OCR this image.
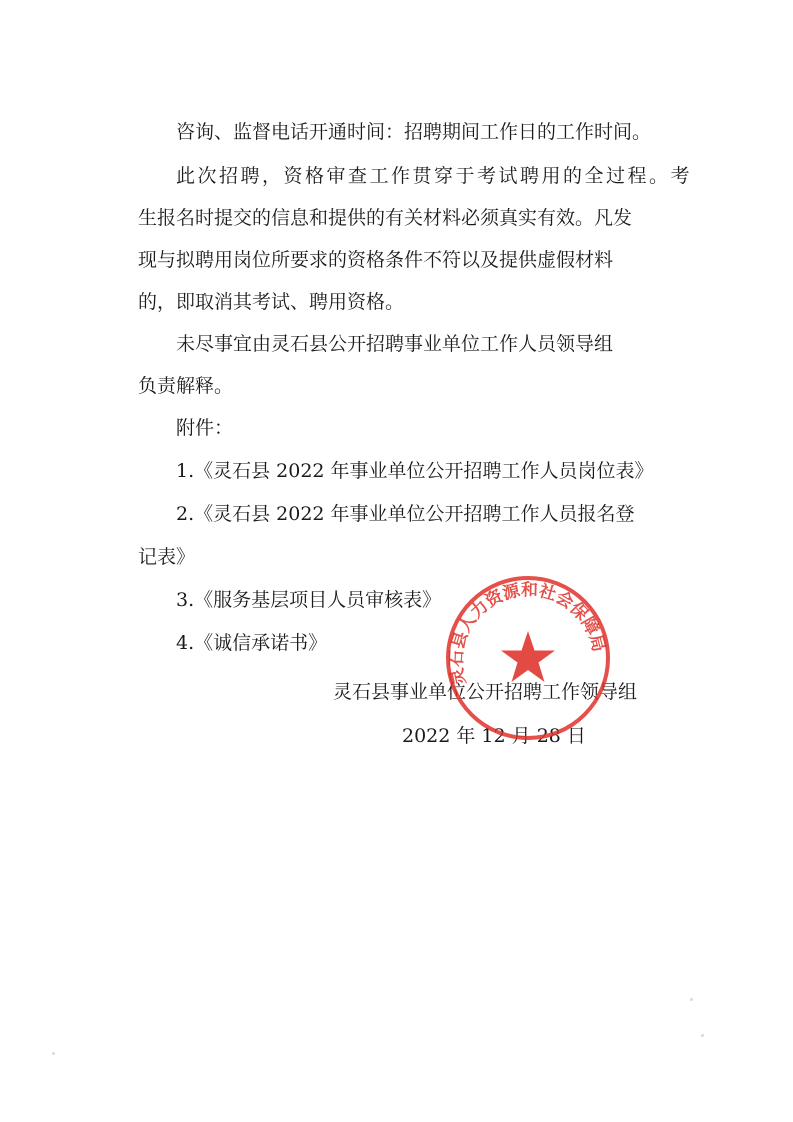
咨询、监督电话开通时间：招聘期间工作日的工作时间。
此次招聘，资格审查工作贯穿于考试聘用的全过程。考
生报名时提交的信息和提供的有关材料必须真实有效。凡发
现与拟聘用岗位所要求的资格条件不符以及提供虚假材料
的，即取消其考试、聘用资格。
未尽事宜由灵石县公开招聘事业单位工作人员领导组
负责解释。
附件：
1.《灵石县 2022 年事业单位公开招聘工作人员岗位表》
2.《灵石县 2022 年事业单位公开招聘工作人员报名登
记表》
3.《服务基层项目人员审核表》
4.《诚信承诺书》
灵石县事业单位公开招聘工作领导组
2022 年 12 月 28 日
灵石县人力资源和社会保障局
